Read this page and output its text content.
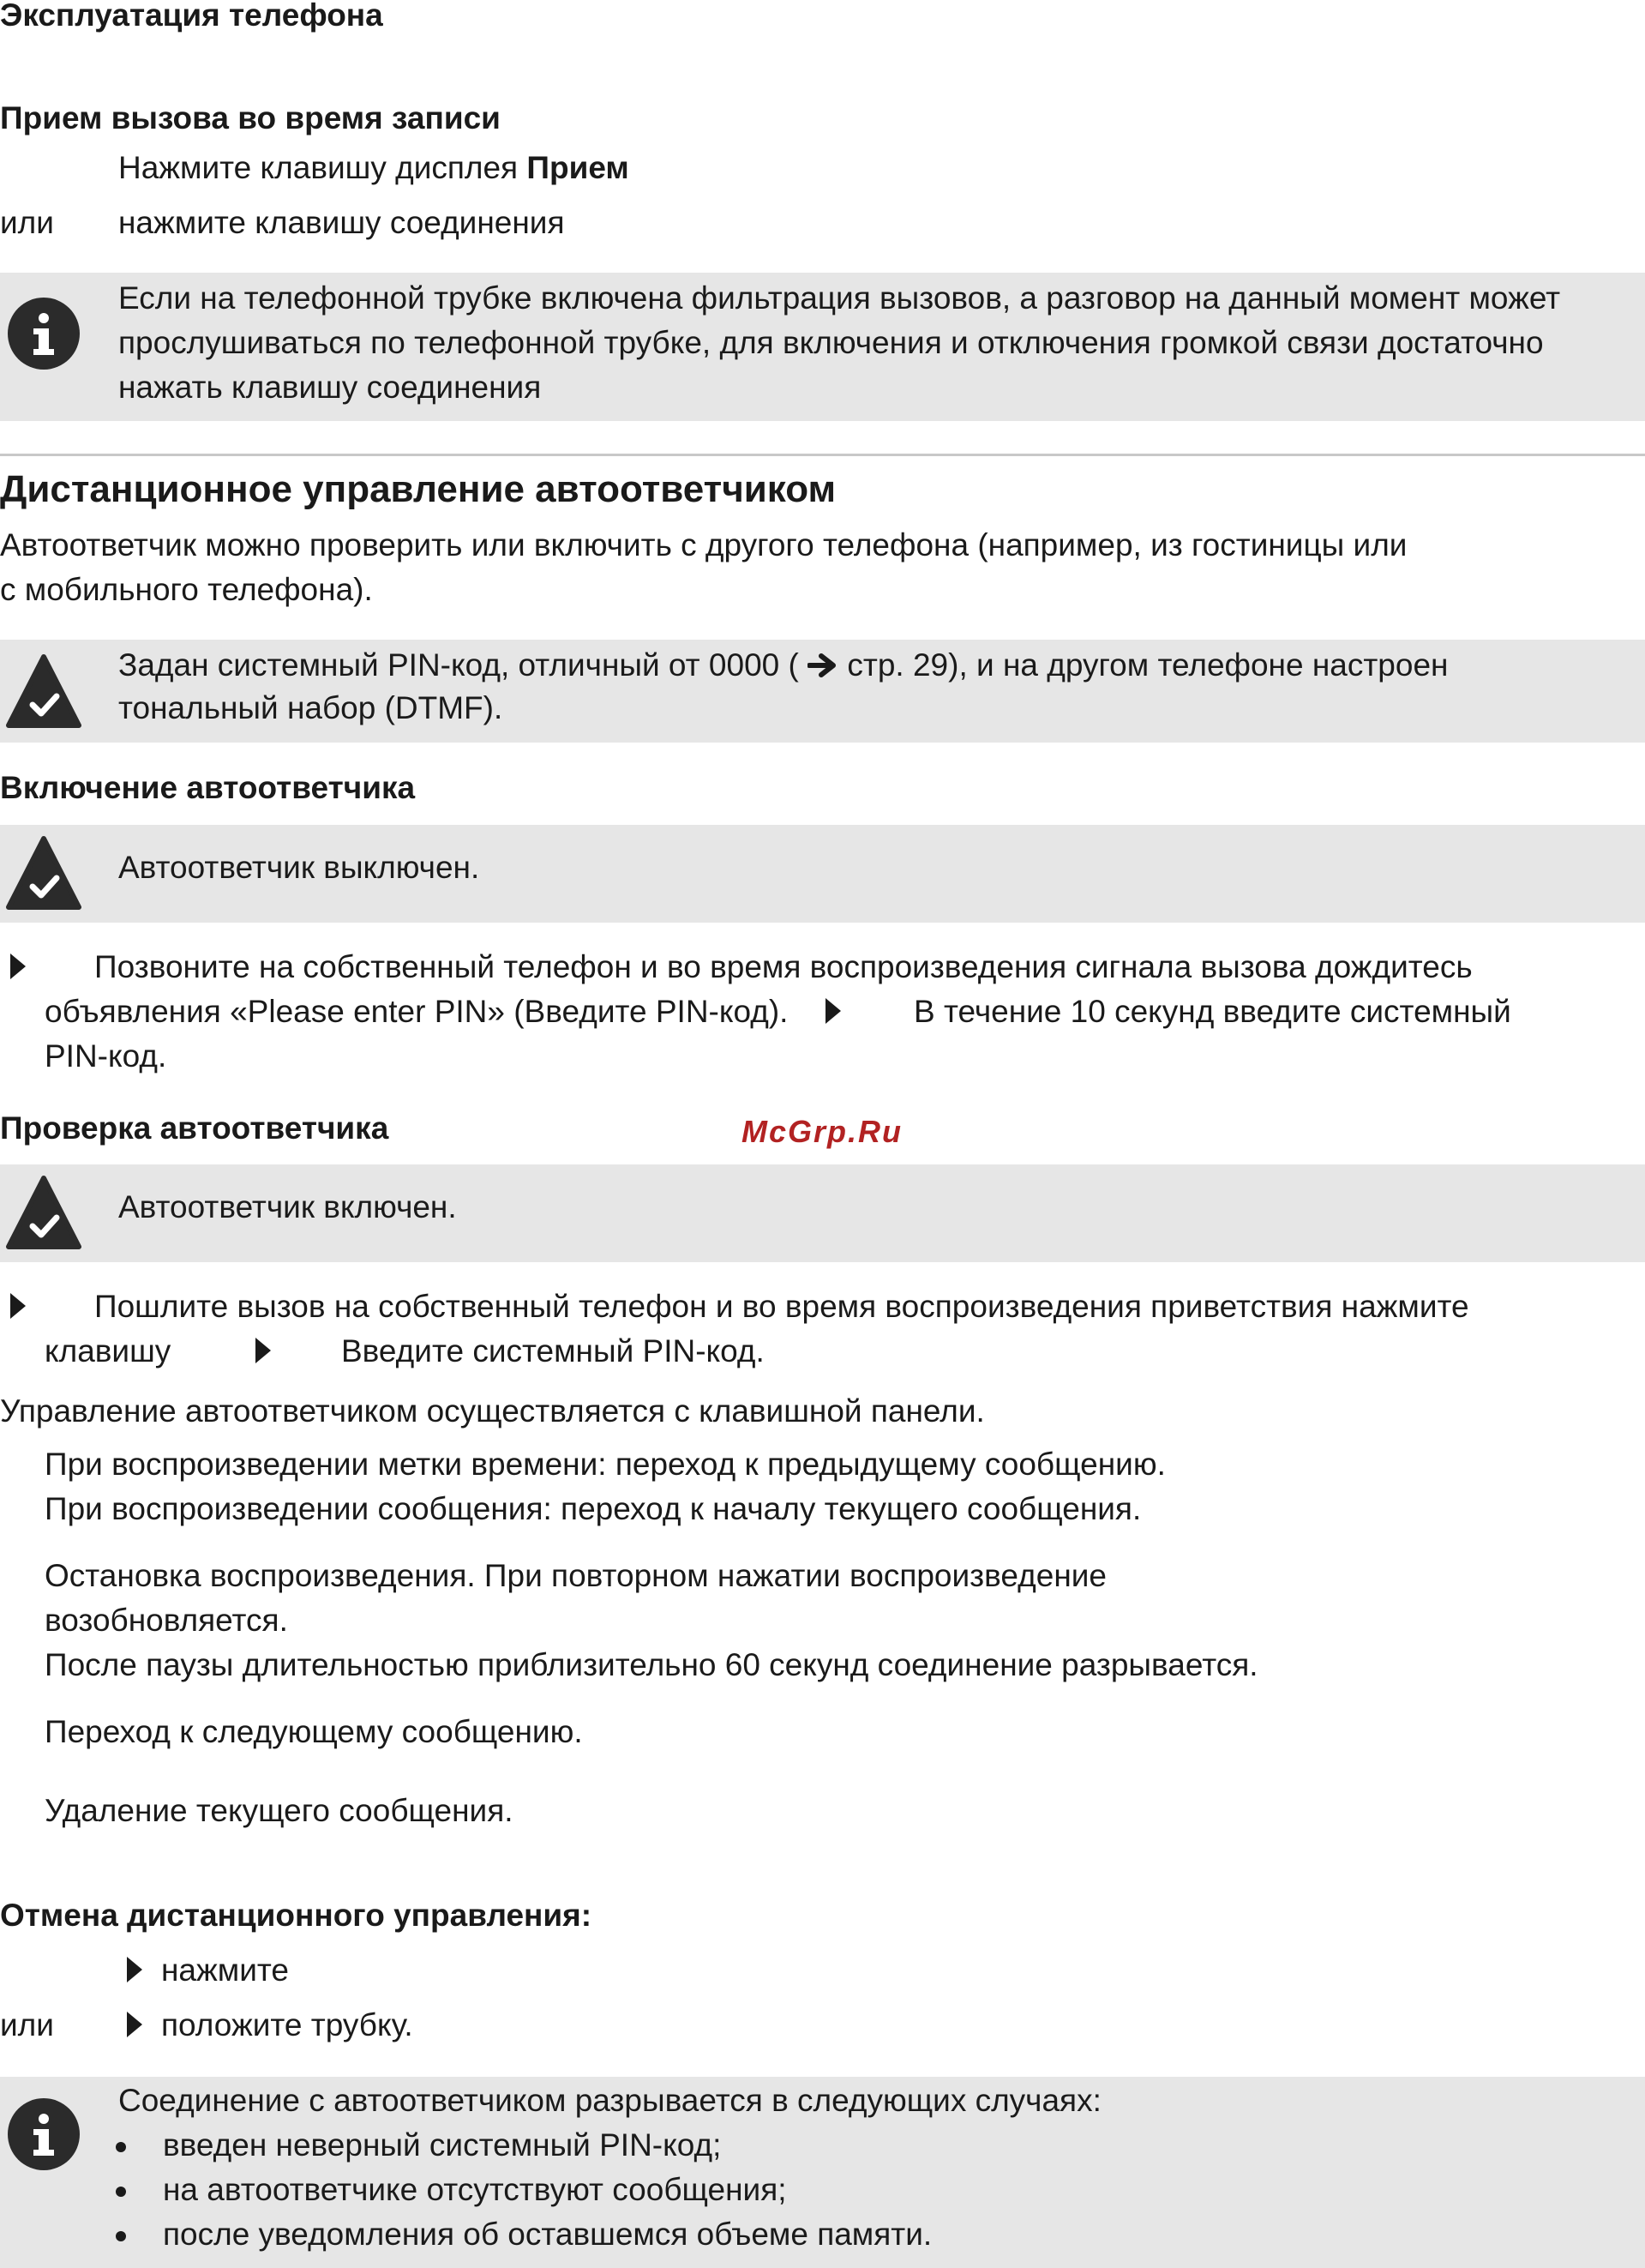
Эксплуатация телефона
Прием вызова во время записи
Нажмите клавишу дисплея Прием
или нажмите клавишу соединения
Если на телефонной трубке включена фильтрация вызовов, а разговор на данный момент может
прослушиваться по телефонной трубке, для включения и отключения громкой связи достаточно
нажать клавишу соединения
Дистанционное управление автоответчиком
Автоответчик можно проверить или включить с другого телефона (например, из гостиницы или
с мобильного телефона).
Задан системный PIN-код, отличный от 0000 ( стр. 29), и на другом телефоне настроен
тональный набор (DTMF).
Включение автоответчика
Автоответчик выключен.
Позвоните на собственный телефон и во время воспроизведения сигнала вызова дождитесь
объявления «Please enter PIN» (Введите PIN-код).	В течение 10 секунд введите системный
PIN-код.
Проверка автоответчика	McGrp.Ru
Автоответчик включен.
Пошлите вызов на собственный телефон и во время воспроизведения приветствия нажмите
клавишу	Введите системный PIN-код.
Управление автоответчиком осуществляется с клавишной панели.
При воспроизведении метки времени: переход к предыдущему сообщению.
При воспроизведении сообщения: переход к началу текущего сообщения.
Остановка воспроизведения. При повторном нажатии воспроизведение
возобновляется.
После паузы длительностью приблизительно 60 секунд соединение разрывается.
Переход к следующему сообщению.
Удаление текущего сообщения.
Отмена дистанционного управления:
нажмите
или	положите трубку.
Соединение с автоответчиком разрывается в следующих случаях:
введен неверный системный PIN-код;
на автоответчике отсутствуют сообщения;
после уведомления об оставшемся объеме памяти.
